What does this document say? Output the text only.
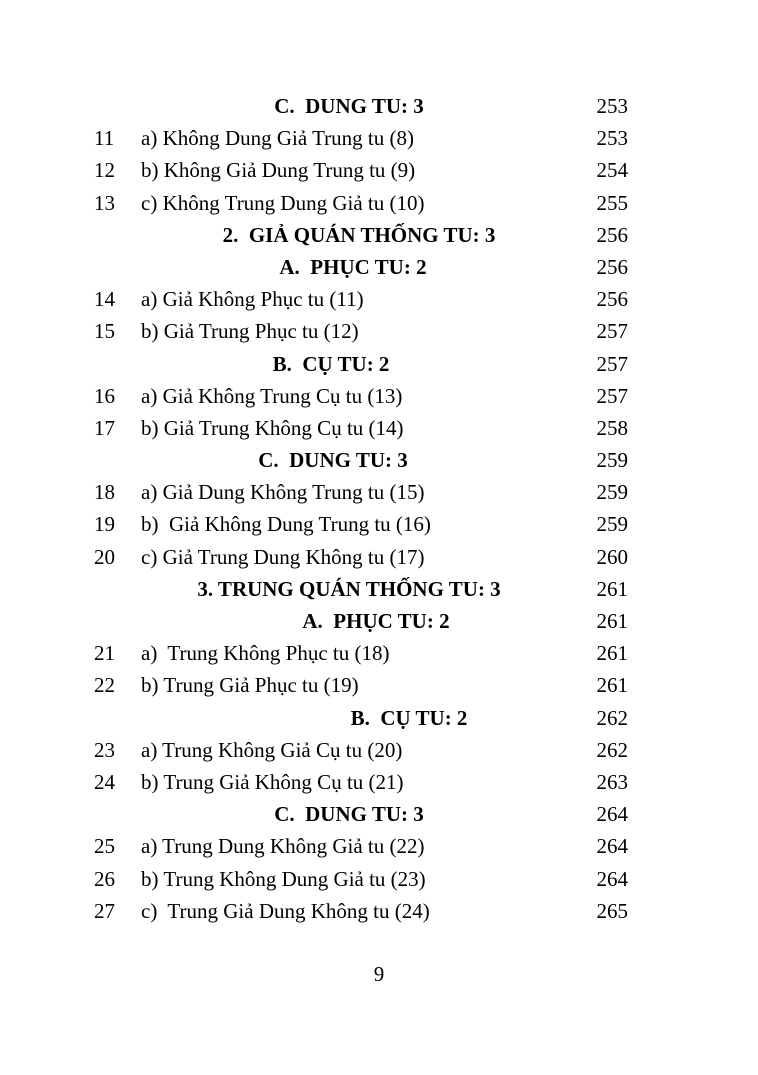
C.  DUNG TU: 3	253
11 a) Không Dung Giả Trung tu (8)	253
12 b) Không Giả Dung Trung tu (9)	254
13 c) Không Trung Dung Giả tu (10)	255
2.  GIẢ QUÁN THỐNG TU: 3	256
A.  PHỤC TU: 2	256
14 a) Giả Không Phục tu (11)	256
15 b) Giả Trung Phục tu (12)	257
B.  CỤ TU: 2	257
16 a) Giả Không Trung Cụ tu (13)	257
17 b) Giả Trung Không Cụ tu (14)	258
C.  DUNG TU: 3	259
18 a) Giả Dung Không Trung tu (15)	259
19 b)  Giả Không Dung Trung tu (16)	259
20 c) Giả Trung Dung Không tu (17)	260
3. TRUNG QUÁN THỐNG TU: 3	261
A.  PHỤC TU: 2	261
21 a)  Trung Không Phục tu (18)	261
22 b) Trung Giả Phục tu (19)	261
B.  CỤ TU: 2	262
23 a) Trung Không Giả Cụ tu (20)	262
24 b) Trung Giả Không Cụ tu (21)	263
C.  DUNG TU: 3	264
25 a) Trung Dung Không Giả tu (22)	264
26 b) Trung Không Dung Giả tu (23)	264
27 c)  Trung Giả Dung Không tu (24)	265
9
